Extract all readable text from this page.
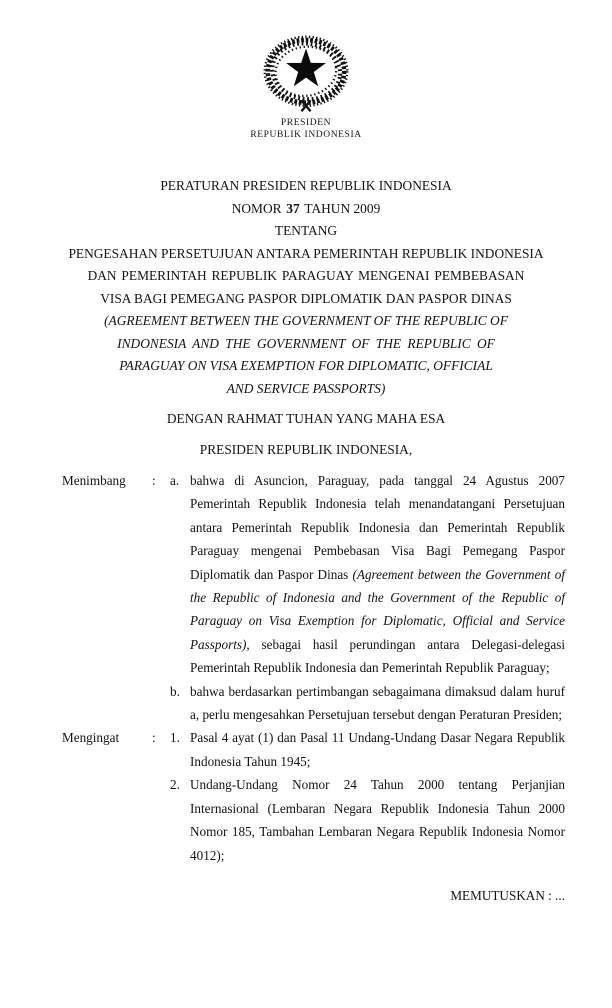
PRESIDEN
REPUBLIK INDONESIA
PERATURAN PRESIDEN REPUBLIK INDONESIA
NOMOR 37 TAHUN 2009
TENTANG
PENGESAHAN PERSETUJUAN ANTARA PEMERINTAH REPUBLIK INDONESIA
DAN PEMERINTAH REPUBLIK PARAGUAY MENGENAI PEMBEBASAN
VISA BAGI PEMEGANG PASPOR DIPLOMATIK DAN PASPOR DINAS
(AGREEMENT BETWEEN THE GOVERNMENT OF THE REPUBLIC OF
INDONESIA AND THE GOVERNMENT OF THE REPUBLIC OF
PARAGUAY ON VISA EXEMPTION FOR DIPLOMATIC, OFFICIAL
AND SERVICE PASSPORTS)
DENGAN RAHMAT TUHAN YANG MAHA ESA
PRESIDEN REPUBLIK INDONESIA,
Menimbang	:	a. bahwa di Asuncion, Paraguay, pada tanggal 24 Agustus 2007 Pemerintah Republik Indonesia telah menandatangani Persetujuan antara Pemerintah Republik Indonesia dan Pemerintah Republik Paraguay mengenai Pembebasan Visa Bagi Pemegang Paspor Diplomatik dan Paspor Dinas (Agreement between the Government of the Republic of Indonesia and the Government of the Republic of Paraguay on Visa Exemption for Diplomatic, Official and Service Passports), sebagai hasil perundingan antara Delegasi-delegasi Pemerintah Republik Indonesia dan Pemerintah Republik Paraguay;

b. bahwa berdasarkan pertimbangan sebagaimana dimaksud dalam huruf a, perlu mengesahkan Persetujuan tersebut dengan Peraturan Presiden;

Mengingat	:	1. Pasal 4 ayat (1) dan Pasal 11 Undang-Undang Dasar Negara Republik Indonesia Tahun 1945;

2. Undang-Undang Nomor 24 Tahun 2000 tentang Perjanjian Internasional (Lembaran Negara Republik Indonesia Tahun 2000 Nomor 185, Tambahan Lembaran Negara Republik Indonesia Nomor 4012);

MEMUTUSKAN : ...
